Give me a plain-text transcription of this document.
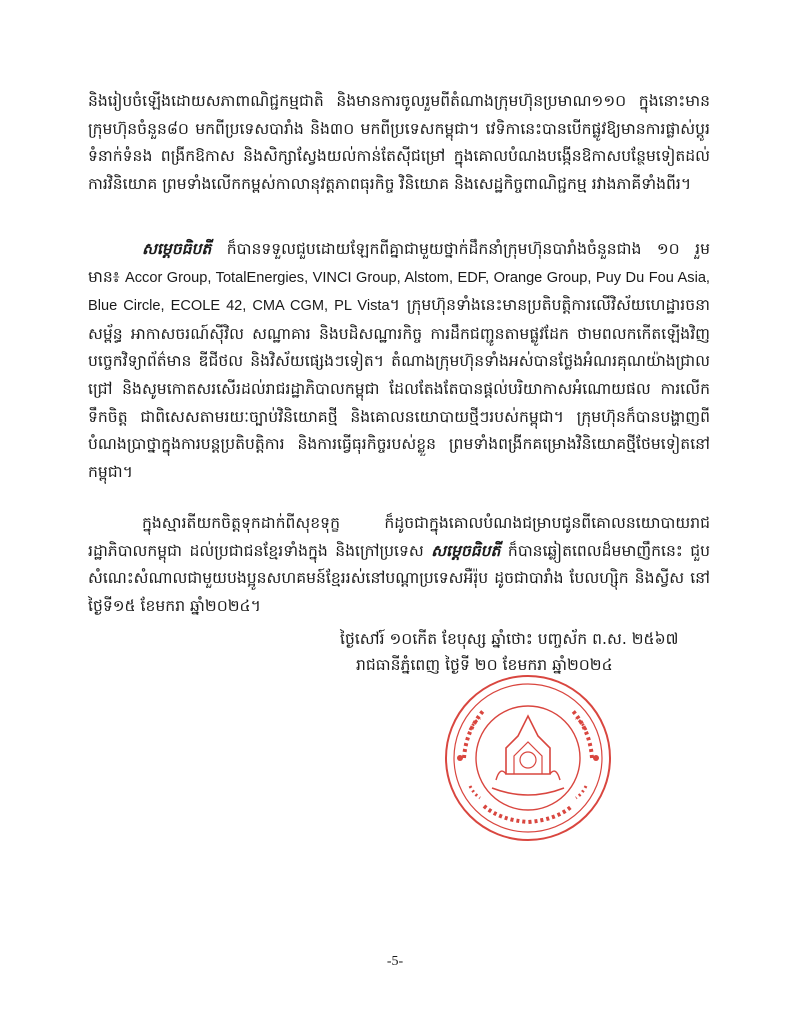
និងរៀបចំឡើងដោយសភាពាណិជ្ជកម្មជាតិ និងមានការចូលរួមពីតំណាងក្រុមហ៊ុនប្រមាណ១១០ ក្នុងនោះមានក្រុមហ៊ុនចំនួន៨០ មកពីប្រទេសបារាំង និង៣០ មកពីប្រទេសកម្ពុជា។ វេទិកានេះបានបើកផ្លូវឱ្យមានការផ្លាស់ប្តូរទំនាក់ទំនង ពង្រីកឱកាស និងសិក្សាស្វែងយល់កាន់តែស៊ីជម្រៅ ក្នុងគោលបំណងបង្កើនឱកាសបន្ថែមទៀតដល់ការវិនិយោគ ព្រមទាំងលើកកម្ពស់កាលានុវត្តភាពធុរកិច្ច វិនិយោគ និងសេដ្ឋកិច្ចពាណិជ្ជកម្ម រវាងភាគីទាំងពីរ។

សម្តេចធិបតី ក៏បានទទួលជួបដោយឡែកពីគ្នាជាមួយថ្នាក់ដឹកនាំក្រុមហ៊ុនបារាំងចំនួនជាង ១០ រួមមាន៖ Accor Group, TotalEnergies, VINCI Group, Alstom, EDF, Orange Group, Puy Du Fou Asia, Blue Circle, ECOLE 42, CMA CGM, PL Vista។ ក្រុមហ៊ុនទាំងនេះមានប្រតិបត្តិការលើវិស័យហេដ្ឋារចនាសម្ព័ន្ធ អាកាសចរណ៍ស៊ីវិល សណ្ឋាគារ និងបដិសណ្ឋារកិច្ច ការដឹកជញ្ជូនតាមផ្លូវដែក ថាមពលកកើតឡើងវិញ បច្ចេកវិទ្យាព័ត៌មាន ឌីជីថល និងវិស័យផ្សេងៗទៀត។ តំណាងក្រុមហ៊ុនទាំងអស់បានថ្លែងអំណរគុណយ៉ាងជ្រាលជ្រៅ និងសូមកោតសរសើរដល់រាជរដ្ឋាភិបាលកម្ពុជា ដែលតែងតែបានផ្តល់បរិយាកាសអំណោយផល ការលើកទឹកចិត្ត ជាពិសេសតាមរយៈច្បាប់វិនិយោគថ្មី និងគោលនយោបាយថ្មីៗរបស់កម្ពុជា។ ក្រុមហ៊ុនក៏បានបង្ហាញពីបំណងប្រាថ្នាក្នុងការបន្តប្រតិបត្តិការ និងការធ្វើធុរកិច្ចរបស់ខ្លួន ព្រមទាំងពង្រីកគម្រោងវិនិយោគថ្មីថែមទៀតនៅកម្ពុជា។

ក្នុងស្មារតីយកចិត្តទុកដាក់ពីសុខទុក្ខ ក៏ដូចជាក្នុងគោលបំណងជម្រាបជូនពីគោលនយោបាយរាជរដ្ឋាភិបាលកម្ពុជា ដល់ប្រជាជនខ្មែរទាំងក្នុង និងក្រៅប្រទេស សម្តេចធិបតី ក៏បានឆ្លៀតពេលដ៏មមាញឹកនេះ ជួបសំណេះសំណាលជាមួយបងប្អូនសហគមន៍ខ្មែររស់នៅបណ្តាប្រទេសអឺរ៉ុប ដូចជាបារាំង បែលហ្ស៊ិក និងស្វីស នៅថ្ងៃទី១៥ ខែមករា ឆ្នាំ២០២៤។

ថ្ងៃសៅរ៍ ១០កើត ខែបុស្ស ឆ្នាំថោះ បញ្ចស័ក ព.ស. ២៥៦៧
រាជធានីភ្នំពេញ ថ្ងៃទី ២០ ខែមករា ឆ្នាំ២០២៤
-5-
